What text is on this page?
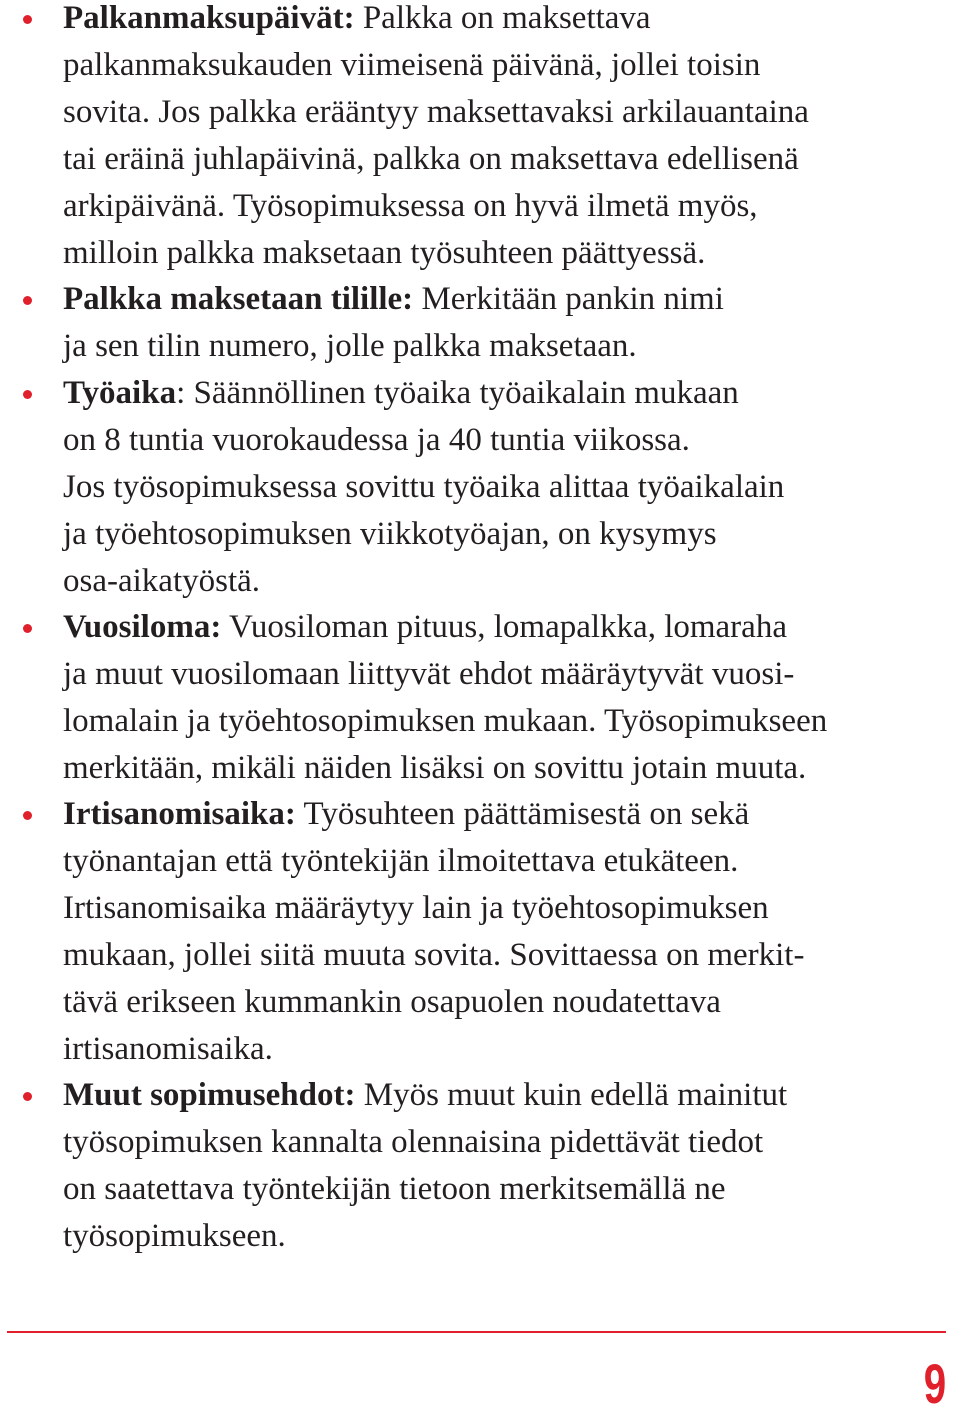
Palkanmaksupäivät: Palkka on maksettava
palkanmaksukauden viimeisenä päivänä, jollei toisin
sovita. Jos palkka erääntyy maksettavaksi arkilauantaina
tai eräinä juhlapäivinä, palkka on maksettava edellisenä
arkipäivänä. Työsopimuksessa on hyvä ilmetä myös,
milloin palkka maksetaan työsuhteen päättyessä.
Palkka maksetaan tilille: Merkitään pankin nimi
ja sen tilin numero, jolle palkka maksetaan.
Työaika: Säännöllinen työaika työaikalain mukaan
on 8 tuntia vuorokaudessa ja 40 tuntia viikossa.
Jos työsopimuksessa sovittu työaika alittaa työaikalain
ja työehtosopimuksen viikkotyöajan, on kysymys
osa-aikatyöstä.
Vuosiloma: Vuosiloman pituus, lomapalkka, lomaraha
ja muut vuosilomaan liittyvät ehdot määräytyvät vuosi-
lomalain ja työehtosopimuksen mukaan. Työsopimukseen
merkitään, mikäli näiden lisäksi on sovittu jotain muuta.
Irtisanomisaika: Työsuhteen päättämisestä on sekä
työnantajan että työntekijän ilmoitettava etukäteen.
Irtisanomisaika määräytyy lain ja työehtosopimuksen
mukaan, jollei siitä muuta sovita. Sovittaessa on merkit-
tävä erikseen kummankin osapuolen noudatettava
irtisanomisaika.
Muut sopimusehdot: Myös muut kuin edellä mainitut
työsopimuksen kannalta olennaisina pidettävät tiedot
on saatettava työntekijän tietoon merkitsemällä ne
työsopimukseen.
9
